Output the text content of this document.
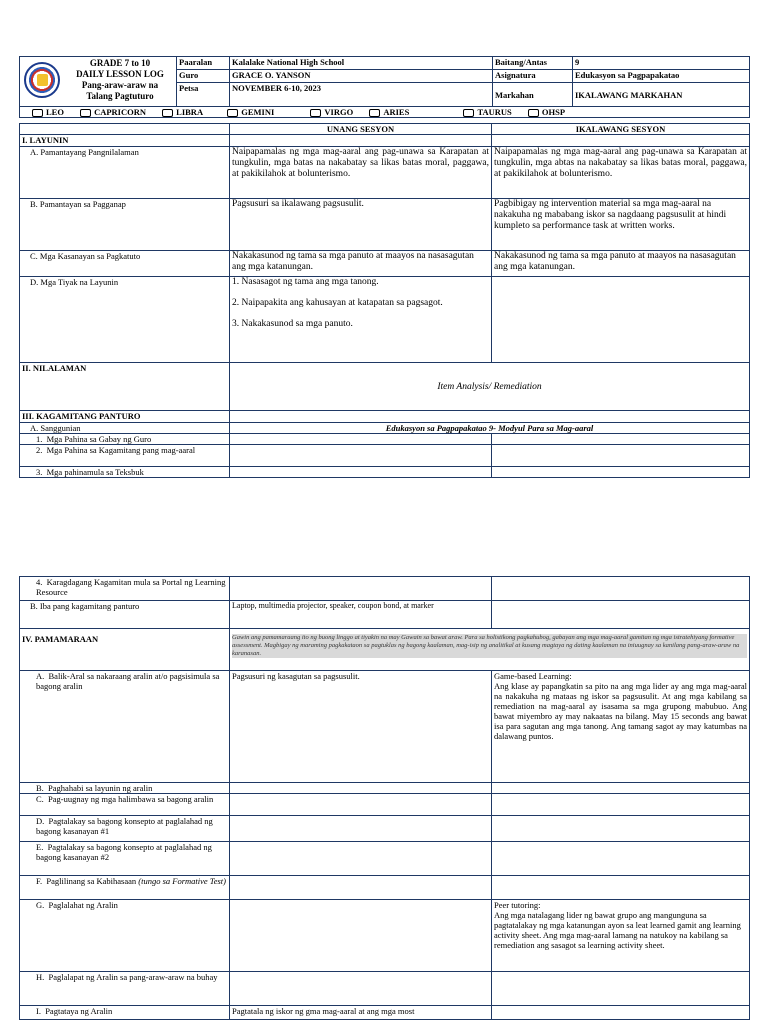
GRADE 7 to 10
DAILY LESSON LOG
Pang-araw-araw na
Talang Pagtuturo	Paaralan	Kalalake National High School	Baitang/Antas	9
	Guro	GRACE O. YANSON	Asignatura	Edukasyon sa Pagpapakatao
	Petsa	NOVEMBER 6-10, 2023	Markahan	IKALAWANG MARKAHAN
LEO CAPRICORN LIBRA GEMINI VIRGO ARIES TAURUS OHSP				
	UNANG SESYON	IKALAWANG SESYON
I. LAYUNIN		
A. Pamantayang Pangnilalaman	Naipapamalas ng mga mag-aaral ang pag-unawa sa Karapatan at tungkulin, mga batas na nakabatay sa likas batas moral, paggawa, at pakikilahok at bolunterismo.	Naipapamalas ng mga mag-aaral ang pag-unawa sa Karapatan at tungkulin, mga abtas na nakabatay sa likas batas moral, paggawa, at pakikilahok at bolunterismo.
B. Pamantayan sa Pagganap	Pagsusuri sa ikalawang pagsusulit.	Pagbibigay ng intervention material sa mga mag-aaral na nakakuha ng mababang iskor sa nagdaang pagsusulit at hindi kumpleto sa performance task at written works.
C. Mga Kasanayan sa Pagkatuto	Nakakasunod ng tama sa mga panuto at maayos na nasasagutan ang mga katanungan.	Nakakasunod ng tama sa mga panuto at maayos na nasasagutan ang mga katanungan.
D. Mga Tiyak na Layunin	1. Nasasagot ng tama ang mga tanong.

2. Naipapakita ang kahusayan at katapatan sa pagsagot.

3. Nakakasunod sa mga panuto.	

II. NILALAMAN	Item Analysis/ Remediation	
III. KAGAMITANG PANTURO		
A. Sanggunian	Edukasyon sa Pagpapakatao 9- Modyul Para sa Mag-aaral	
1.  Mga Pahina sa Gabay ng Guro		
2.  Mga Pahina sa Kagamitang pang mag-aaral		
3.  Mga pahinamula sa Teksbuk		
4.  Karagdagang Kagamitan mula sa Portal ng Learning Resource		
B. Iba pang kagamitang panturo	Laptop, multimedia projector, speaker, coupon bond, at marker	
IV. PAMAMARAAN	Gawin ang pamamaraang ito ng buong linggo at tiyakin na may Gawain sa bawat araw. Para sa holistikong pagkahubog, gabayan ang mga mag-aaral gamitan ng mga istratehiyang formative assessment. Magbigay ng maraming pagkakataon sa pagtuklas ng bagong kaalaman, mag-isip ng analitikal at kusang magtaya ng dating kaalaman na iniuugnay sa kanilang pang-araw-araw na karanasan.	

A.  Balik-Aral sa nakaraang aralin at/o pagsisimula sa bagong aralin	Pagsusuri ng kasagutan sa pagsusulit.	Game-based Learning:
Ang klase ay papangkatin sa pito na ang mga lider ay ang mga mag-aaral na nakakuha ng mataas ng iskor sa pagsusulit. At ang mga kabilang sa remediation na mag-aaral ay isasama sa mga grupong mabubuo. Ang bawat miyembro ay may nakaatas na bilang. May 15 seconds ang bawat isa para sagutan ang mga tanong. Ang tamang sagot ay may katumbas na dalawang puntos.

B.  Paghahabi sa layunin ng aralin		
C.  Pag-uugnay ng mga halimbawa sa bagong aralin		
D.  Pagtalakay sa bagong konsepto at paglalahad ng bagong kasanayan #1		
E.  Pagtalakay sa bagong konsepto at paglalahad ng bagong kasanayan #2		
F.  Paglilinang sa Kabihasaan (tungo sa Formative Test)		
G.  Paglalahat ng Aralin		Peer tutoring:
Ang mga natalagang lider ng bawat grupo ang mangunguna sa pagtatalakay ng mga katanungan ayon sa leat learned gamit ang learning activity sheet. Ang mga mag-aaral lamang na natukoy na kabilang sa remediation ang sasagot sa learning activity sheet.

H.  Paglalapat ng Aralin sa pang-araw-araw na buhay		
I.  Pagtataya ng Aralin	Pagtatala ng iskor ng gma mag-aaral at ang mga most	
